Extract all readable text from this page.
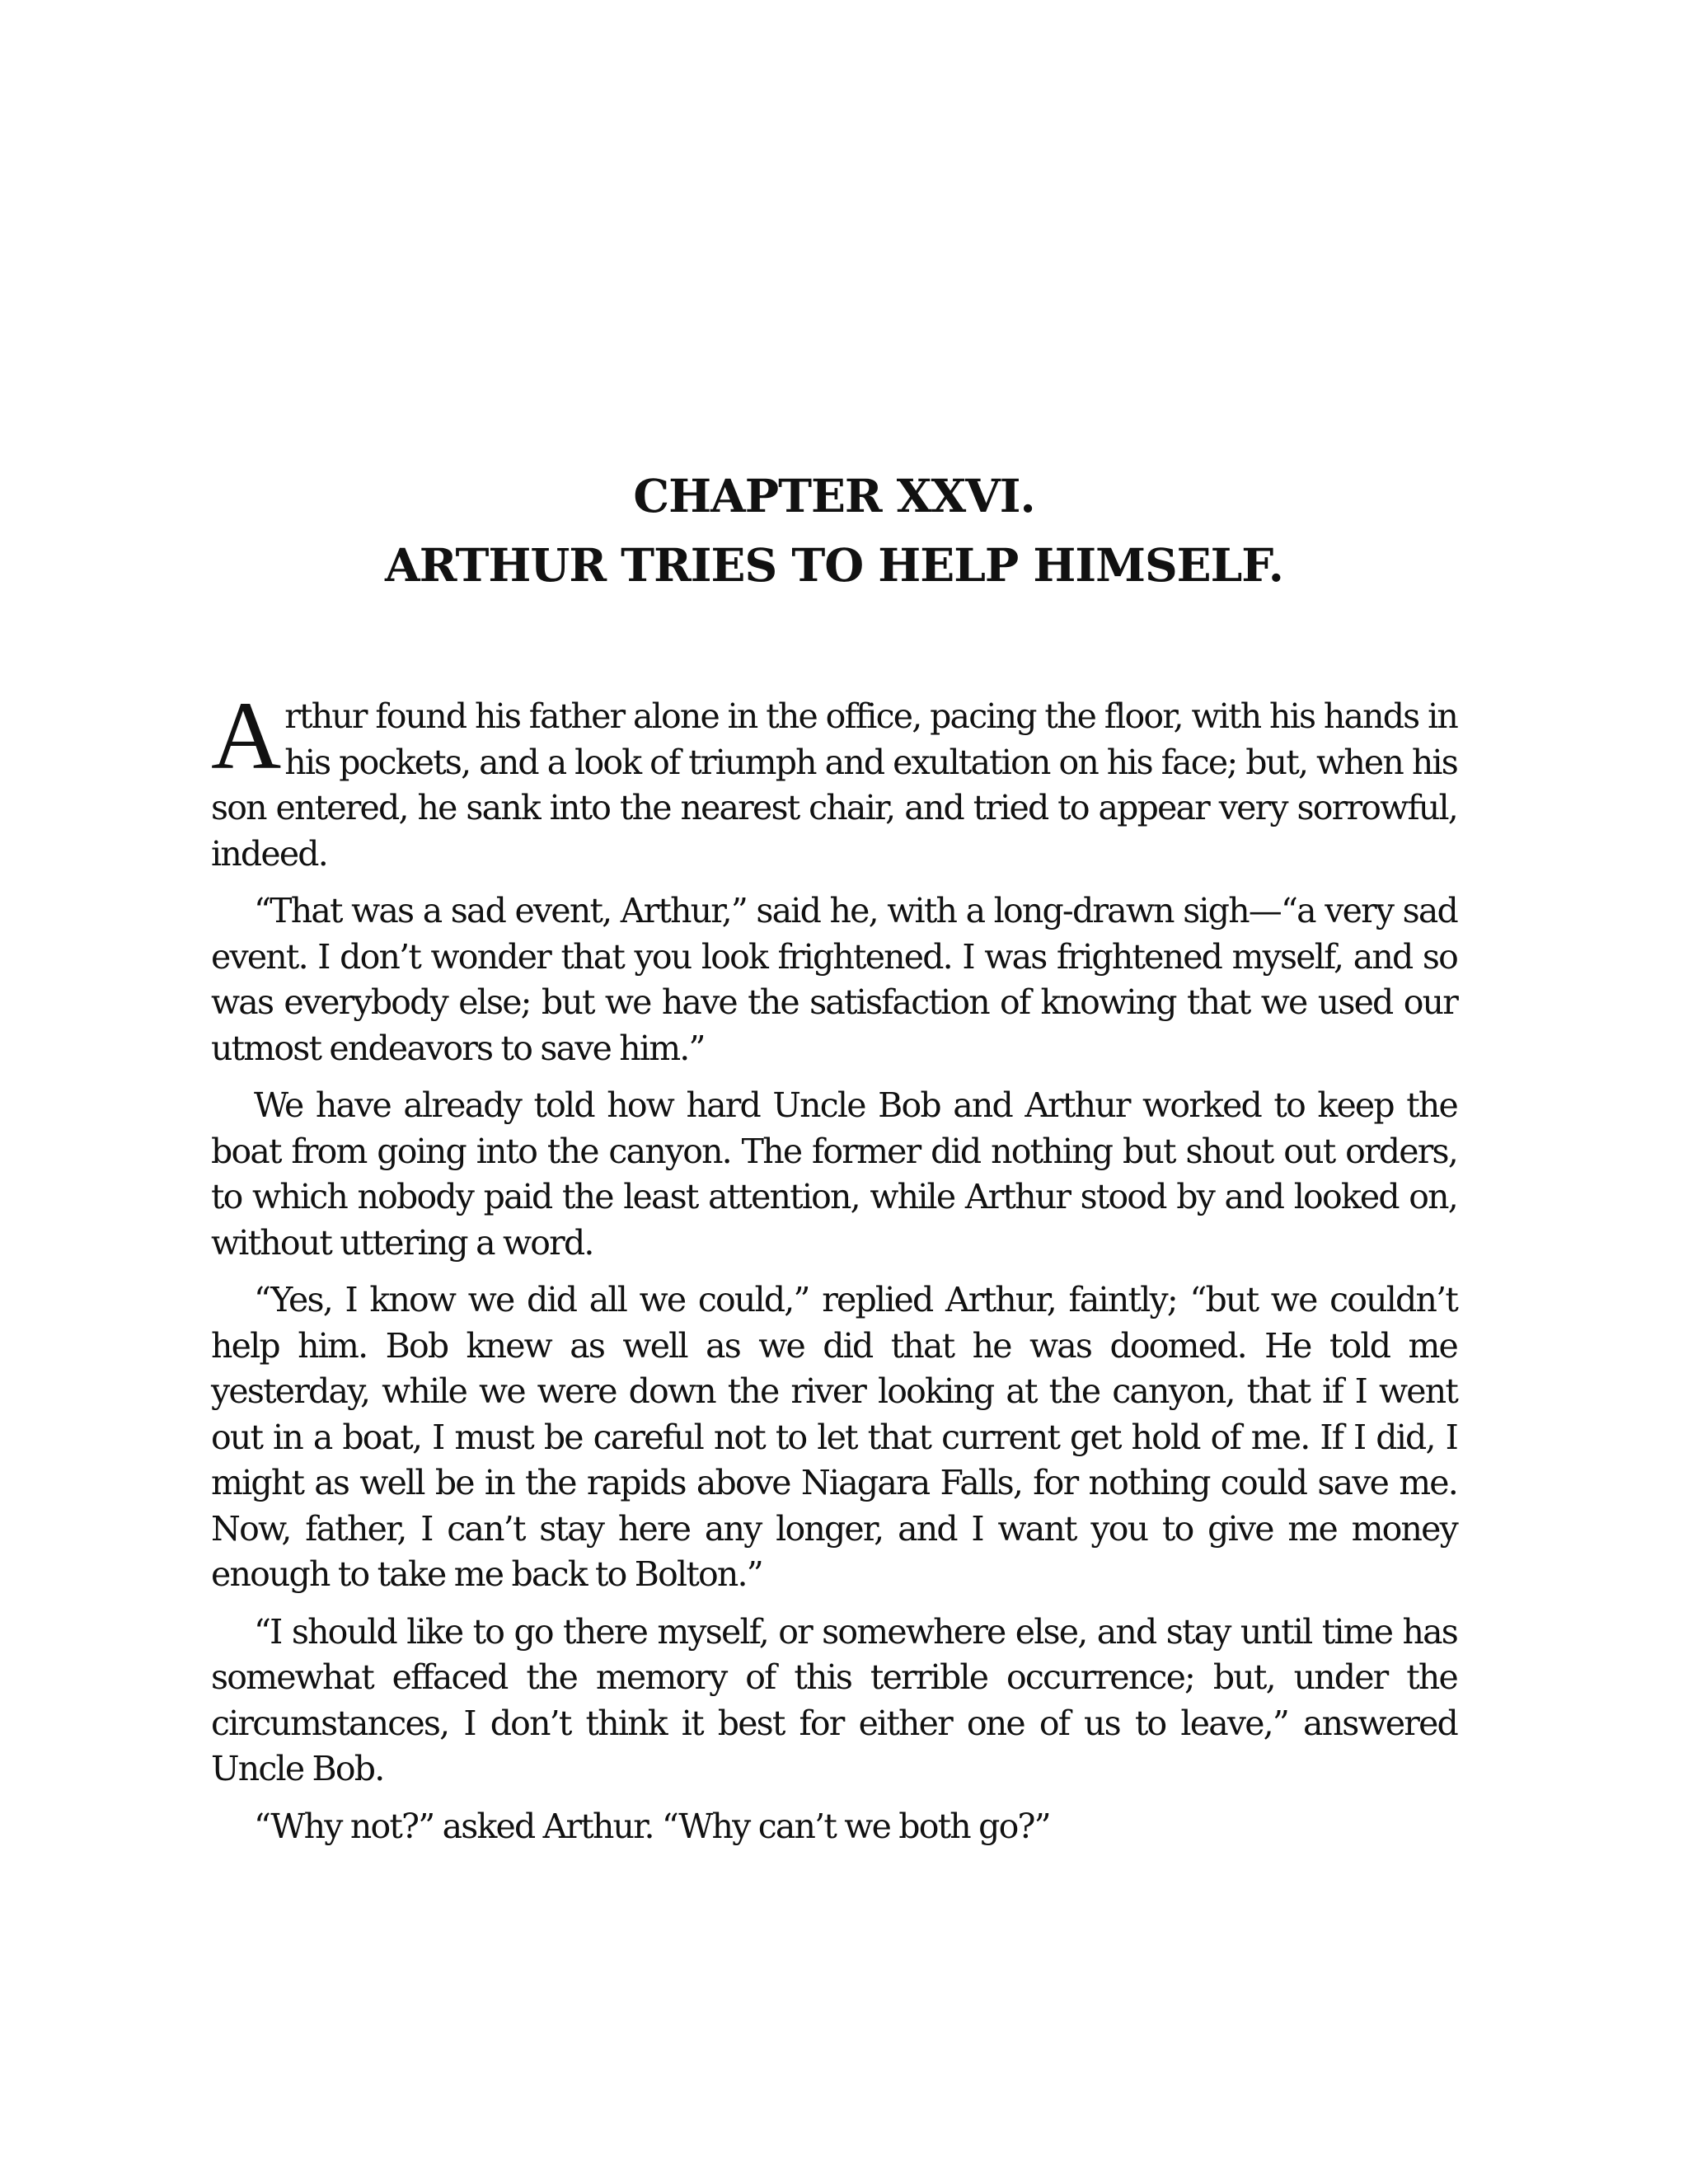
CHAPTER XXVI.
ARTHUR TRIES TO HELP HIMSELF.

Arthur found his father alone in the office, pacing the floor, with his hands in his pockets, and a look of triumph and exultation on his face; but, when his son entered, he sank into the nearest chair, and tried to appear very sorrowful, indeed.

“That was a sad event, Arthur,” said he, with a long-drawn sigh—“a very sad event. I don’t wonder that you look frightened. I was frightened myself, and so was everybody else; but we have the satisfaction of knowing that we used our utmost endeavors to save him.”

We have already told how hard Uncle Bob and Arthur worked to keep the boat from going into the canyon. The former did nothing but shout out orders, to which nobody paid the least attention, while Arthur stood by and looked on, without uttering a word.

“Yes, I know we did all we could,” replied Arthur, faintly; “but we couldn’t help him. Bob knew as well as we did that he was doomed. He told me yesterday, while we were down the river looking at the canyon, that if I went out in a boat, I must be careful not to let that current get hold of me. If I did, I might as well be in the rapids above Niagara Falls, for nothing could save me. Now, father, I can’t stay here any longer, and I want you to give me money enough to take me back to Bolton.”

“I should like to go there myself, or somewhere else, and stay until time has somewhat effaced the memory of this terrible occurrence; but, under the circumstances, I don’t think it best for either one of us to leave,” answered Uncle Bob.

“Why not?” asked Arthur. “Why can’t we both go?”
